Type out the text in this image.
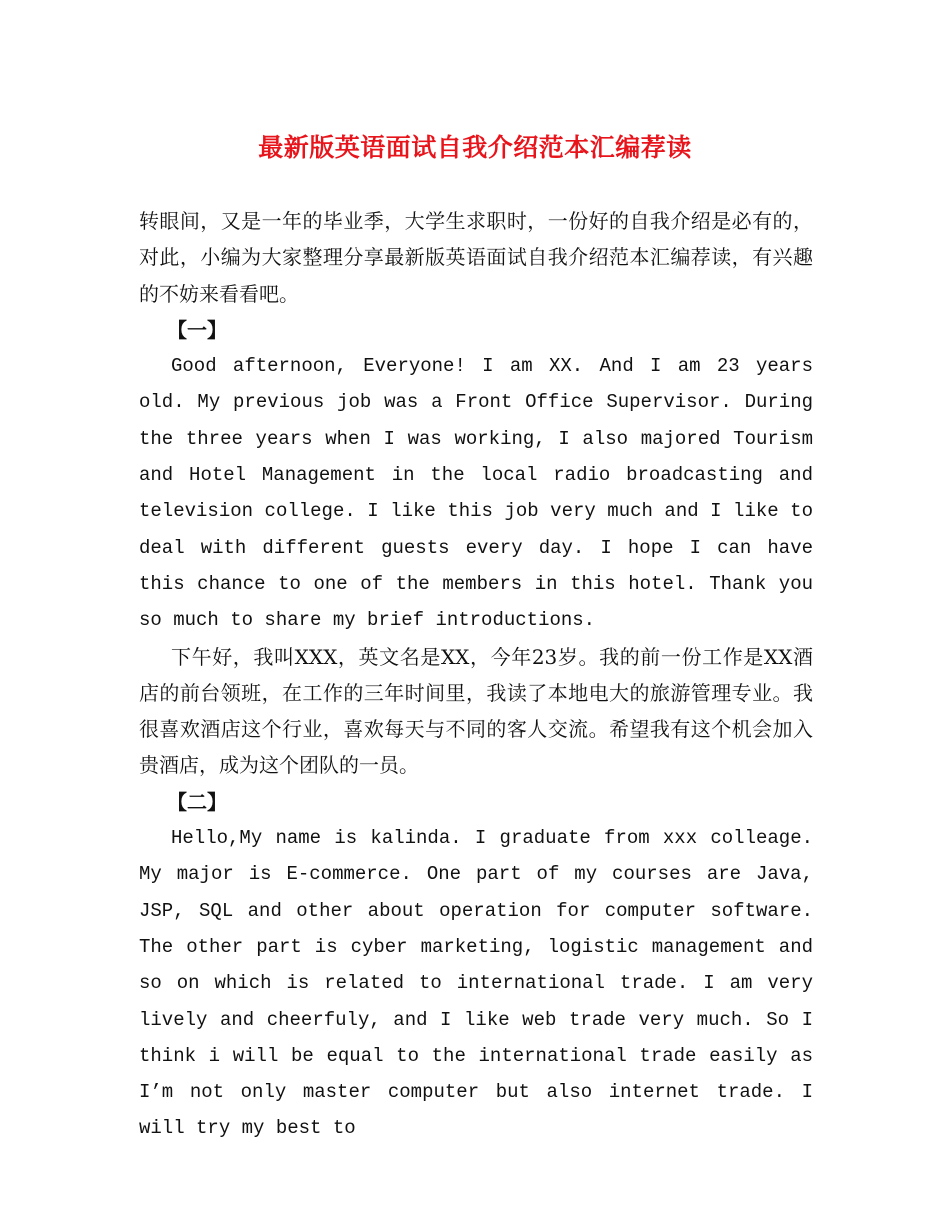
最新版英语面试自我介绍范本汇编荐读

转眼间，又是一年的毕业季，大学生求职时，一份好的自我介绍是必有的，对此，小编为大家整理分享最新版英语面试自我介绍范本汇编荐读，有兴趣的不妨来看看吧。

【一】

Good afternoon, Everyone! I am XX. And I am 23 years old. My previous job was a Front Office Supervisor. During the three years when I was working, I also majored Tourism and Hotel Management in the local radio broadcasting and television college. I like this job very much and I like to deal with different guests every day. I hope I can have this chance to one of the members in this hotel. Thank you so much to share my brief introductions.

下午好，我叫XXX，英文名是XX，今年23岁。我的前一份工作是XX酒店的前台领班，在工作的三年时间里，我读了本地电大的旅游管理专业。我很喜欢酒店这个行业，喜欢每天与不同的客人交流。希望我有这个机会加入贵酒店，成为这个团队的一员。

【二】

Hello,My name is kalinda. I graduate from xxx colleage. My major is E-commerce. One part of my courses are Java, JSP, SQL and other about operation for computer software. The other part is cyber marketing, logistic management and so on which is related to international trade. I am very lively and cheerfuly, and I like web trade very much. So I think i will be equal to the international trade easily as I’m not only master computer but also internet trade. I will try my best to
